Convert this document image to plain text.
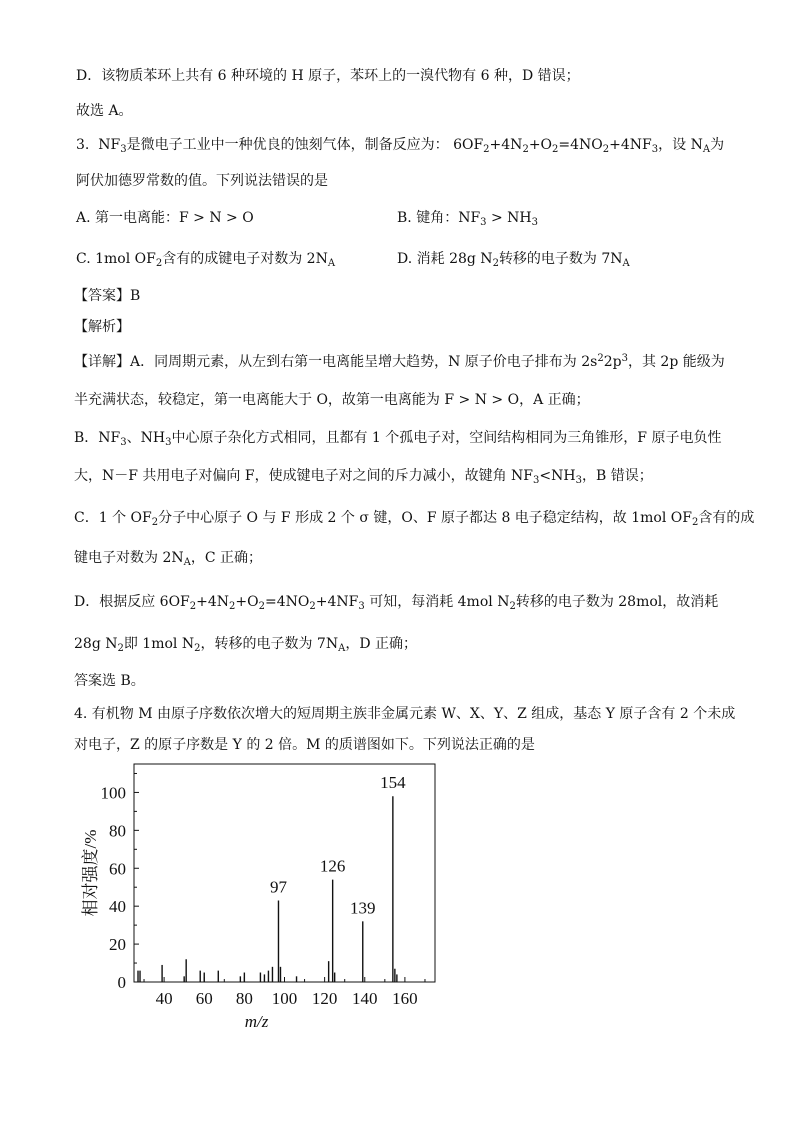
D．该物质苯环上共有 6 种环境的 H 原子，苯环上的一溴代物有 6 种，D 错误；
故选 A。
3. $NF_3$是微电子工业中一种优良的蚀刻气体，制备反应为： $6OF_2+4N_2+O_2=4NO_2+4NF_3$，设 $N_A$为
阿伏加德罗常数的值。下列说法错误的是
A. 第一电离能：F > N > O	B. 键角：$NF_3 > NH_3$
C. 1mol $OF_2$含有的成键电子对数为 $2N_A$	D. 消耗 28g $N_2$转移的电子数为 $7N_A$
【答案】B
【解析】
【详解】A．同周期元素，从左到右第一电离能呈增大趋势，N 原子价电子排布为 $2s^22p^3$，其 2p 能级为
半充满状态，较稳定，第一电离能大于 O，故第一电离能为 F > N > O，A 正确；
B．$NF_3$、$NH_3$中心原子杂化方式相同，且都有 1 个孤电子对，空间结构相同为三角锥形，F 原子电负性
大，N－F 共用电子对偏向 F，使成键电子对之间的斥力减小，故键角 $NF_3<NH_3$，B 错误；
C．1 个 $OF_2$分子中心原子 O 与 F 形成 2 个 σ 键，O、F 原子都达 8 电子稳定结构，故 1mol $OF_2$含有的成
键电子对数为 $2N_A$，C 正确；
D．根据反应 $6OF_2+4N_2+O_2=4NO_2+4NF_3$ 可知，每消耗 4mol $N_2$转移的电子数为 28mol，故消耗
28g $N_2$即 1mol $N_2$，转移的电子数为 $7N_A$，D 正确；
答案选 B。
4. 有机物 M 由原子序数依次增大的短周期主族非金属元素 W、X、Y、Z 组成，基态 Y 原子含有 2 个未成
对电子，Z 的原子序数是 Y 的 2 倍。M 的质谱图如下。下列说法正确的是
0
20
40
60
80
100
40 60 80 100 120 140 160
97
126
139
154
m/z
相对强度/%
